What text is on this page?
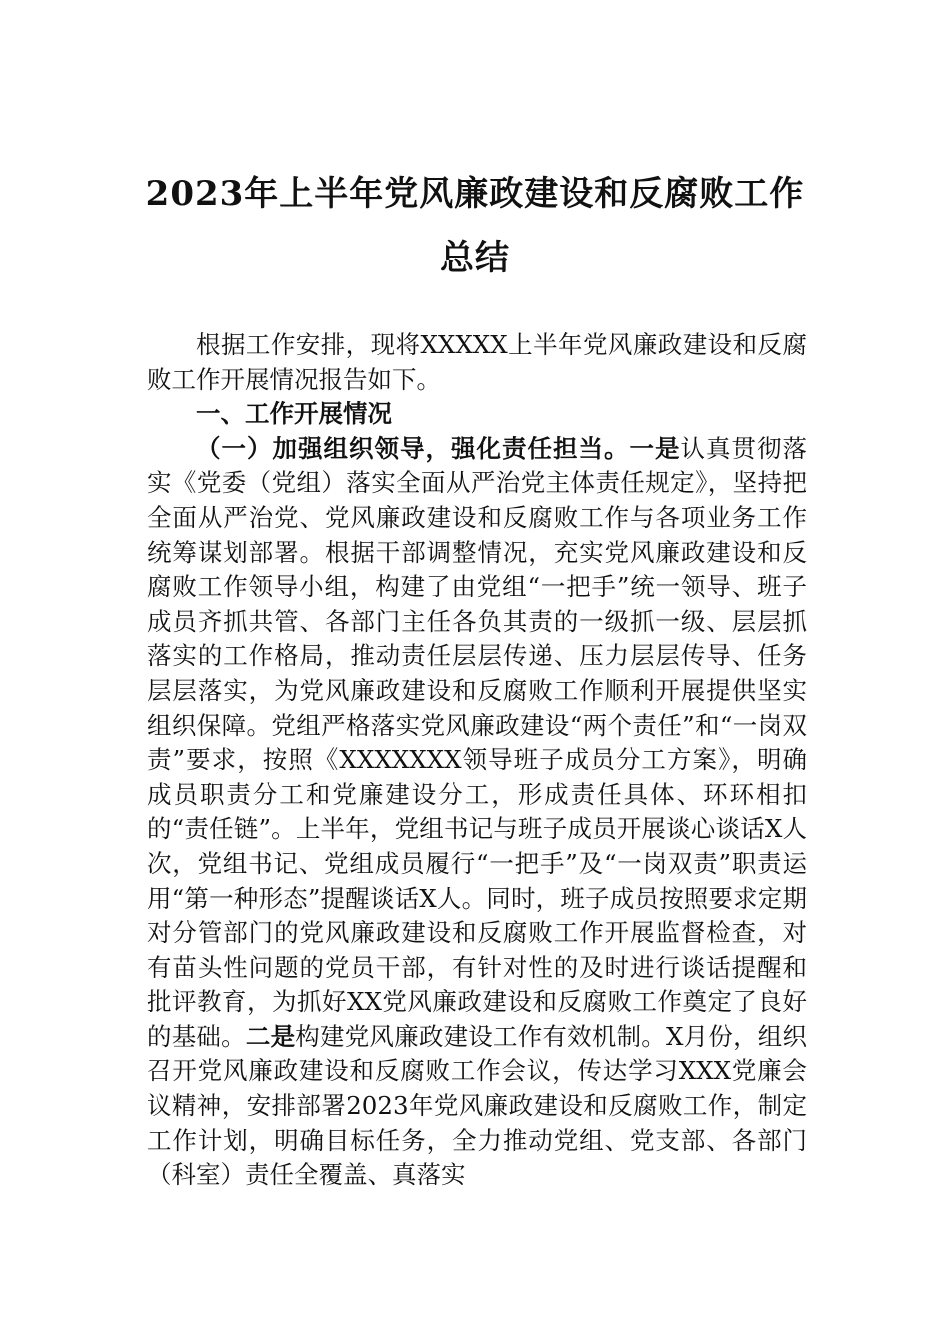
2023年上半年党风廉政建设和反腐败工作
总结

根据工作安排，现将XXXXX上半年党风廉政建设和反腐败工作开展情况报告如下。

一、工作开展情况

（一）加强组织领导，强化责任担当。一是认真贯彻落实《党委（党组）落实全面从严治党主体责任规定》，坚持把全面从严治党、党风廉政建设和反腐败工作与各项业务工作统筹谋划部署。根据干部调整情况，充实党风廉政建设和反腐败工作领导小组，构建了由党组“一把手”统一领导、班子成员齐抓共管、各部门主任各负其责的一级抓一级、层层抓落实的工作格局，推动责任层层传递、压力层层传导、任务层层落实，为党风廉政建设和反腐败工作顺利开展提供坚实组织保障。党组严格落实党风廉政建设“两个责任”和“一岗双责”要求，按照《XXXXXXX领导班子成员分工方案》，明确成员职责分工和党廉建设分工，形成责任具体、环环相扣的“责任链”。上半年，党组书记与班子成员开展谈心谈话X人次，党组书记、党组成员履行“一把手”及“一岗双责”职责运用“第一种形态”提醒谈话X人。同时，班子成员按照要求定期对分管部门的党风廉政建设和反腐败工作开展监督检查，对有苗头性问题的党员干部，有针对性的及时进行谈话提醒和批评教育，为抓好XX党风廉政建设和反腐败工作奠定了良好的基础。二是构建党风廉政建设工作有效机制。X月份，组织召开党风廉政建设和反腐败工作会议，传达学习XXX党廉会议精神，安排部署2023年党风廉政建设和反腐败工作，制定工作计划，明确目标任务，全力推动党组、党支部、各部门（科室）责任全覆盖、真落实
